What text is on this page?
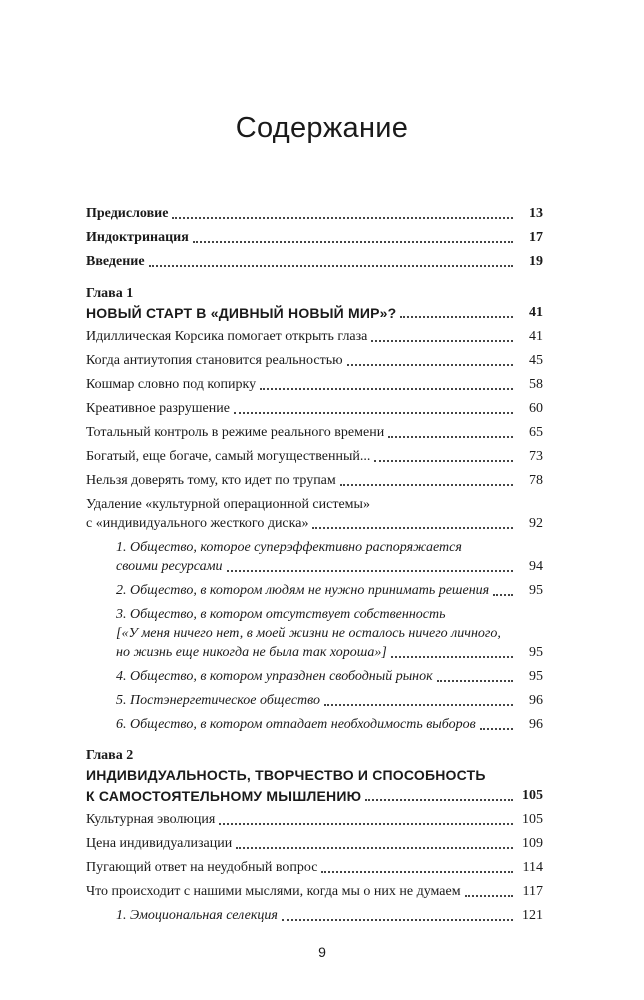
Содержание
Предисловие	13
Индоктринация	17
Введение	19
Глава 1
НОВЫЙ СТАРТ В «ДИВНЫЙ НОВЫЙ МИР»?	41
Идиллическая Корсика помогает открыть глаза	41
Когда антиутопия становится реальностью	45
Кошмар словно под копирку	58
Креативное разрушение	60
Тотальный контроль в режиме реального времени	65
Богатый, еще богаче, самый могущественный...	73
Нельзя доверять тому, кто идет по трупам	78
Удаление «культурной операционной системы»
с «индивидуального жесткого диска»	92
1. Общество, которое суперэффективно распоряжается
своими ресурсами	94
2. Общество, в котором людям не нужно принимать решения	95
3. Общество, в котором отсутствует собственность
[«У меня ничего нет, в моей жизни не осталось ничего личного,
но жизнь еще никогда не была так хороша»]	95
4. Общество, в котором упразднен свободный рынок	95
5. Постэнергетическое общество	96
6. Общество, в котором отпадает необходимость выборов	96
Глава 2
ИНДИВИДУАЛЬНОСТЬ, ТВОРЧЕСТВО И СПОСОБНОСТЬ
К САМОСТОЯТЕЛЬНОМУ МЫШЛЕНИЮ	105
Культурная эволюция	105
Цена индивидуализации	109
Пугающий ответ на неудобный вопрос	114
Что происходит с нашими мыслями, когда мы о них не думаем	117
1. Эмоциональная селекция	121
9
